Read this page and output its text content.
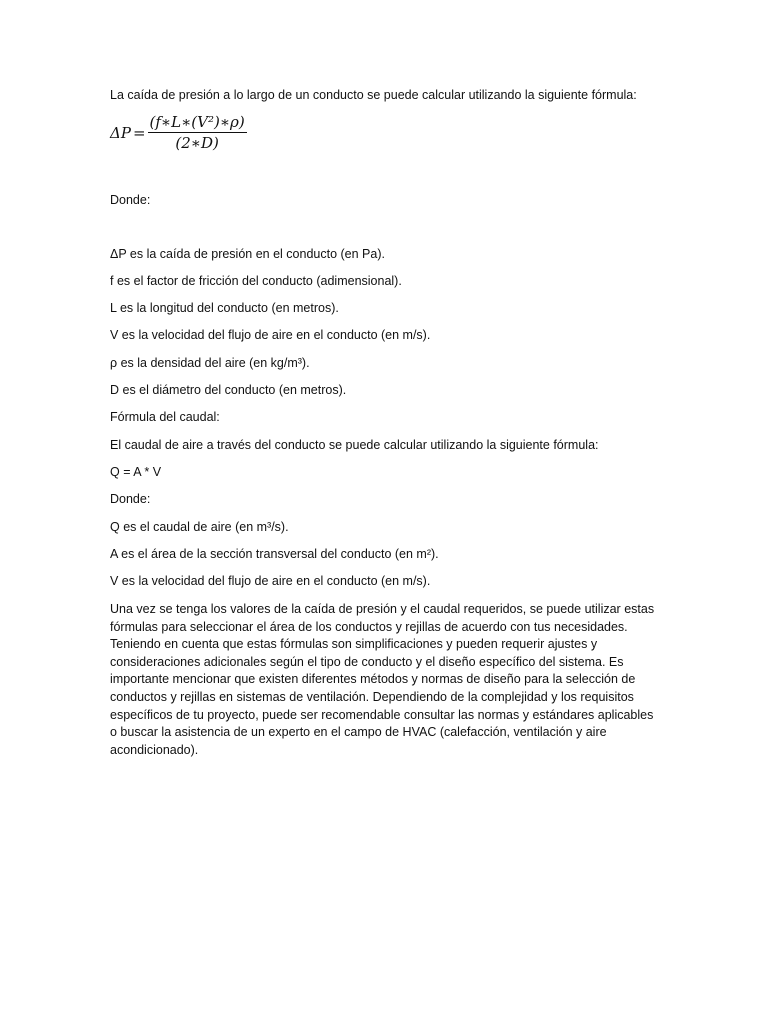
La caída de presión a lo largo de un conducto se puede calcular utilizando la siguiente fórmula:
$\Delta P = \frac{\text{(f∗L∗(V²)∗ρ)}}{(2∗D)}$
Donde:
ΔP es la caída de presión en el conducto (en Pa).
f es el factor de fricción del conducto (adimensional).
L es la longitud del conducto (en metros).
V es la velocidad del flujo de aire en el conducto (en m/s).
ρ es la densidad del aire (en kg/m³).
D es el diámetro del conducto (en metros).
Fórmula del caudal:
El caudal de aire a través del conducto se puede calcular utilizando la siguiente fórmula:
Q = A * V
Donde:
Q es el caudal de aire (en m³/s).
A es el área de la sección transversal del conducto (en m²).
V es la velocidad del flujo de aire en el conducto (en m/s).
Una vez se tenga los valores de la caída de presión y el caudal requeridos, se puede utilizar estas fórmulas para seleccionar el área de los conductos y rejillas de acuerdo con tus necesidades. Teniendo en cuenta que estas fórmulas son simplificaciones y pueden requerir ajustes y consideraciones adicionales según el tipo de conducto y el diseño específico del sistema. Es importante mencionar que existen diferentes métodos y normas de diseño para la selección de conductos y rejillas en sistemas de ventilación. Dependiendo de la complejidad y los requisitos específicos de tu proyecto, puede ser recomendable consultar las normas y estándares aplicables o buscar la asistencia de un experto en el campo de HVAC (calefacción, ventilación y aire acondicionado).
